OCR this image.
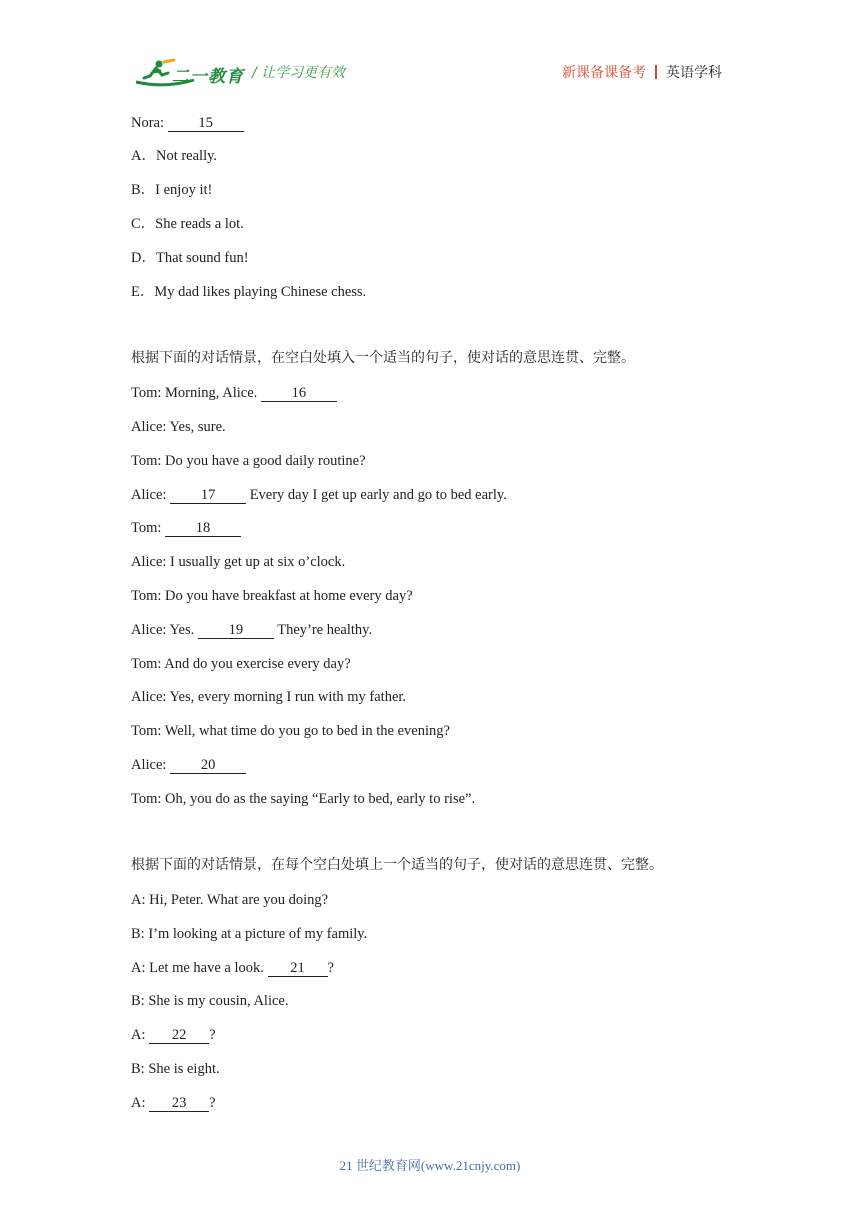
二一教育 / 让学习更有效	新课备课备考 英语学科
Nora: 15
A．Not really.
B．I enjoy it!
C．She reads a lot.
D．That sound fun!
E．My dad likes playing Chinese chess.
根据下面的对话情景，在空白处填入一个适当的句子，使对话的意思连贯、完整。
Tom: Morning, Alice. 16
Alice: Yes, sure.
Tom: Do you have a good daily routine?
Alice: 17 Every day I get up early and go to bed early.
Tom: 18
Alice: I usually get up at six o’clock.
Tom: Do you have breakfast at home every day?
Alice: Yes. 19 They’re healthy.
Tom: And do you exercise every day?
Alice: Yes, every morning I run with my father.
Tom: Well, what time do you go to bed in the evening?
Alice: 20
Tom: Oh, you do as the saying “Early to bed, early to rise”.
根据下面的对话情景，在每个空白处填上一个适当的句子，使对话的意思连贯、完整。
A: Hi, Peter. What are you doing?
B: I’m looking at a picture of my family.
A: Let me have a look. 21 ?
B: She is my cousin, Alice.
A: 22 ?
B: She is eight.
A: 23 ?
21 世纪教育网(www.21cnjy.com)
